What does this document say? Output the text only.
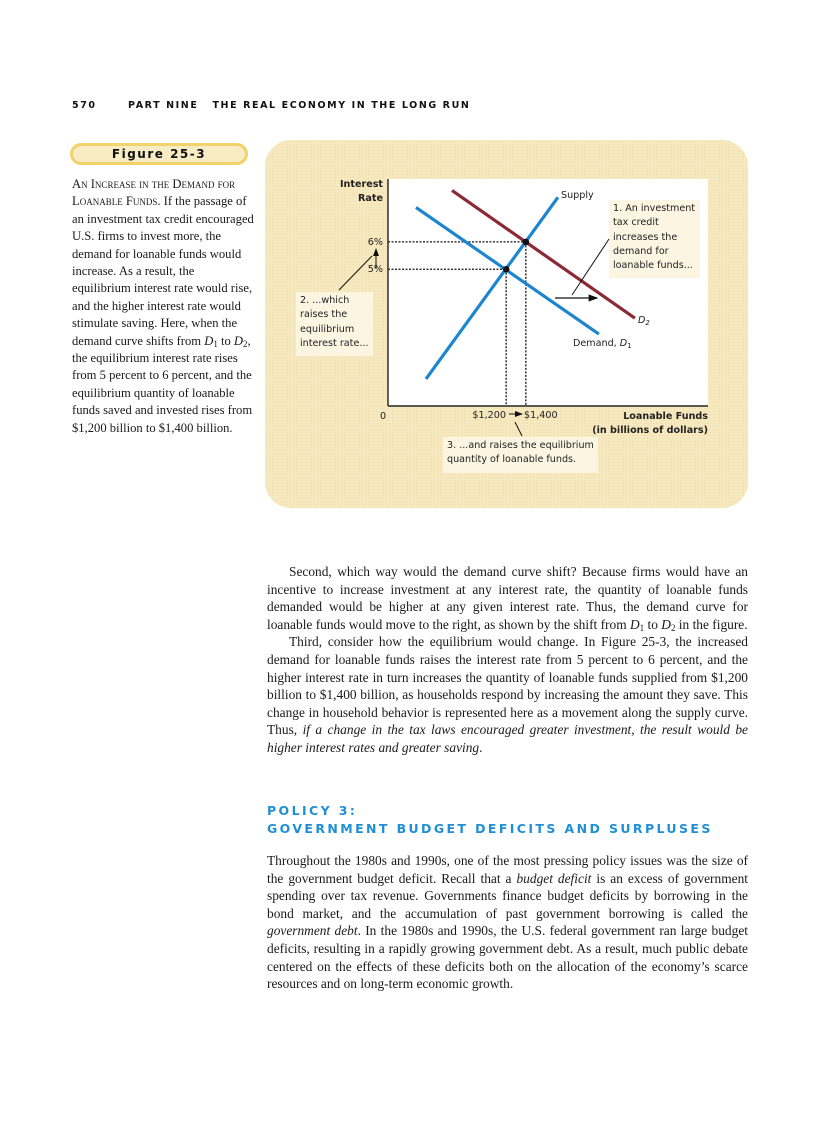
570	PART NINE THE REAL ECONOMY IN THE LONG RUN
Figure 25-3
An Increase in the Demand for Loanable Funds. If the passage of an investment tax credit encouraged U.S. firms to invest more, the demand for loanable funds would increase. As a result, the equilibrium interest rate would rise, and the higher interest rate would stimulate saving. Here, when the demand curve shifts from $D_1$ to $D_2$, the equilibrium interest rate rises from 5 percent to 6 percent, and the equilibrium quantity of loanable funds saved and invested rises from $1,200 billion to $1,400 billion.
1. An investment tax credit increases the demand for loanable funds...
2. ...which raises the equilibrium interest rate...
3. ...and raises the equilibrium quantity of loanable funds.
Interest
Rate
Loanable Funds
(in billions of dollars)
0
6%
5%
$1,200 $1,400
Supply
$D_2$
Demand, $D_1$

Second, which way would the demand curve shift? Because firms would have an incentive to increase investment at any interest rate, the quantity of loanable funds demanded would be higher at any given interest rate. Thus, the demand curve for loanable funds would move to the right, as shown by the shift from $D_1$ to $D_2$ in the figure.

Third, consider how the equilibrium would change. In Figure 25-3, the increased demand for loanable funds raises the interest rate from 5 percent to 6 percent, and the higher interest rate in turn increases the quantity of loanable funds supplied from $1,200 billion to $1,400 billion, as households respond by increasing the amount they save. This change in household behavior is represented here as a movement along the supply curve. Thus, if a change in the tax laws encouraged greater investment, the result would be higher interest rates and greater saving.

POLICY 3:
GOVERNMENT BUDGET DEFICITS AND SURPLUSES

Throughout the 1980s and 1990s, one of the most pressing policy issues was the size of the government budget deficit. Recall that a budget deficit is an excess of government spending over tax revenue. Governments finance budget deficits by borrowing in the bond market, and the accumulation of past government borrowing is called the government debt. In the 1980s and 1990s, the U.S. federal government ran large budget deficits, resulting in a rapidly growing government debt. As a result, much public debate centered on the effects of these deficits both on the allocation of the economy’s scarce resources and on long-term economic growth.
